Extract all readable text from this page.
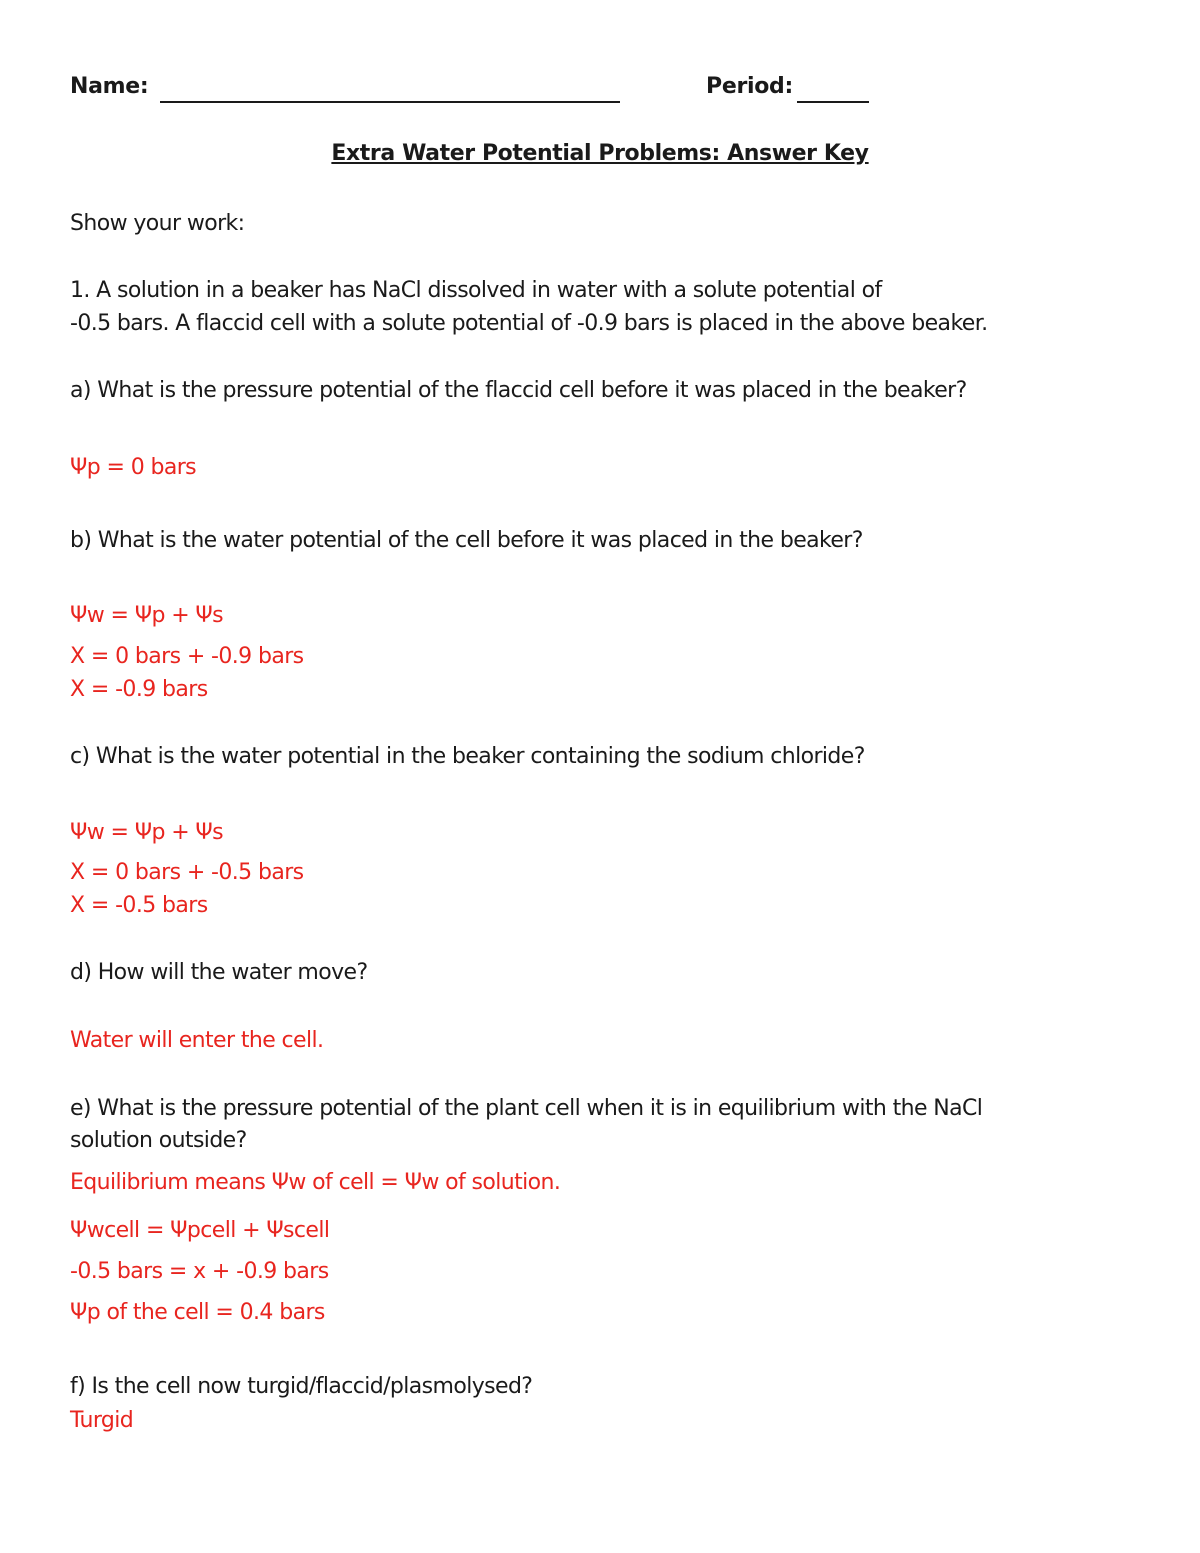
Name:	Period:
Extra Water Potential Problems: Answer Key
Show your work:
1. A solution in a beaker has NaCl dissolved in water with a solute potential of
-0.5 bars. A flaccid cell with a solute potential of -0.9 bars is placed in the above beaker.
a) What is the pressure potential of the flaccid cell before it was placed in the beaker?
Ψp = 0 bars
b) What is the water potential of the cell before it was placed in the beaker?
Ψw = Ψp + Ψs
X = 0 bars + -0.9 bars
X = -0.9 bars
c) What is the water potential in the beaker containing the sodium chloride?
Ψw = Ψp + Ψs
X = 0 bars + -0.5 bars
X = -0.5 bars
d) How will the water move?
Water will enter the cell.
e) What is the pressure potential of the plant cell when it is in equilibrium with the NaCl
solution outside?
Equilibrium means Ψw of cell = Ψw of solution.
Ψwcell = Ψpcell + Ψscell
-0.5 bars = x + -0.9 bars
Ψp of the cell = 0.4 bars
f) Is the cell now turgid/flaccid/plasmolysed?
Turgid
